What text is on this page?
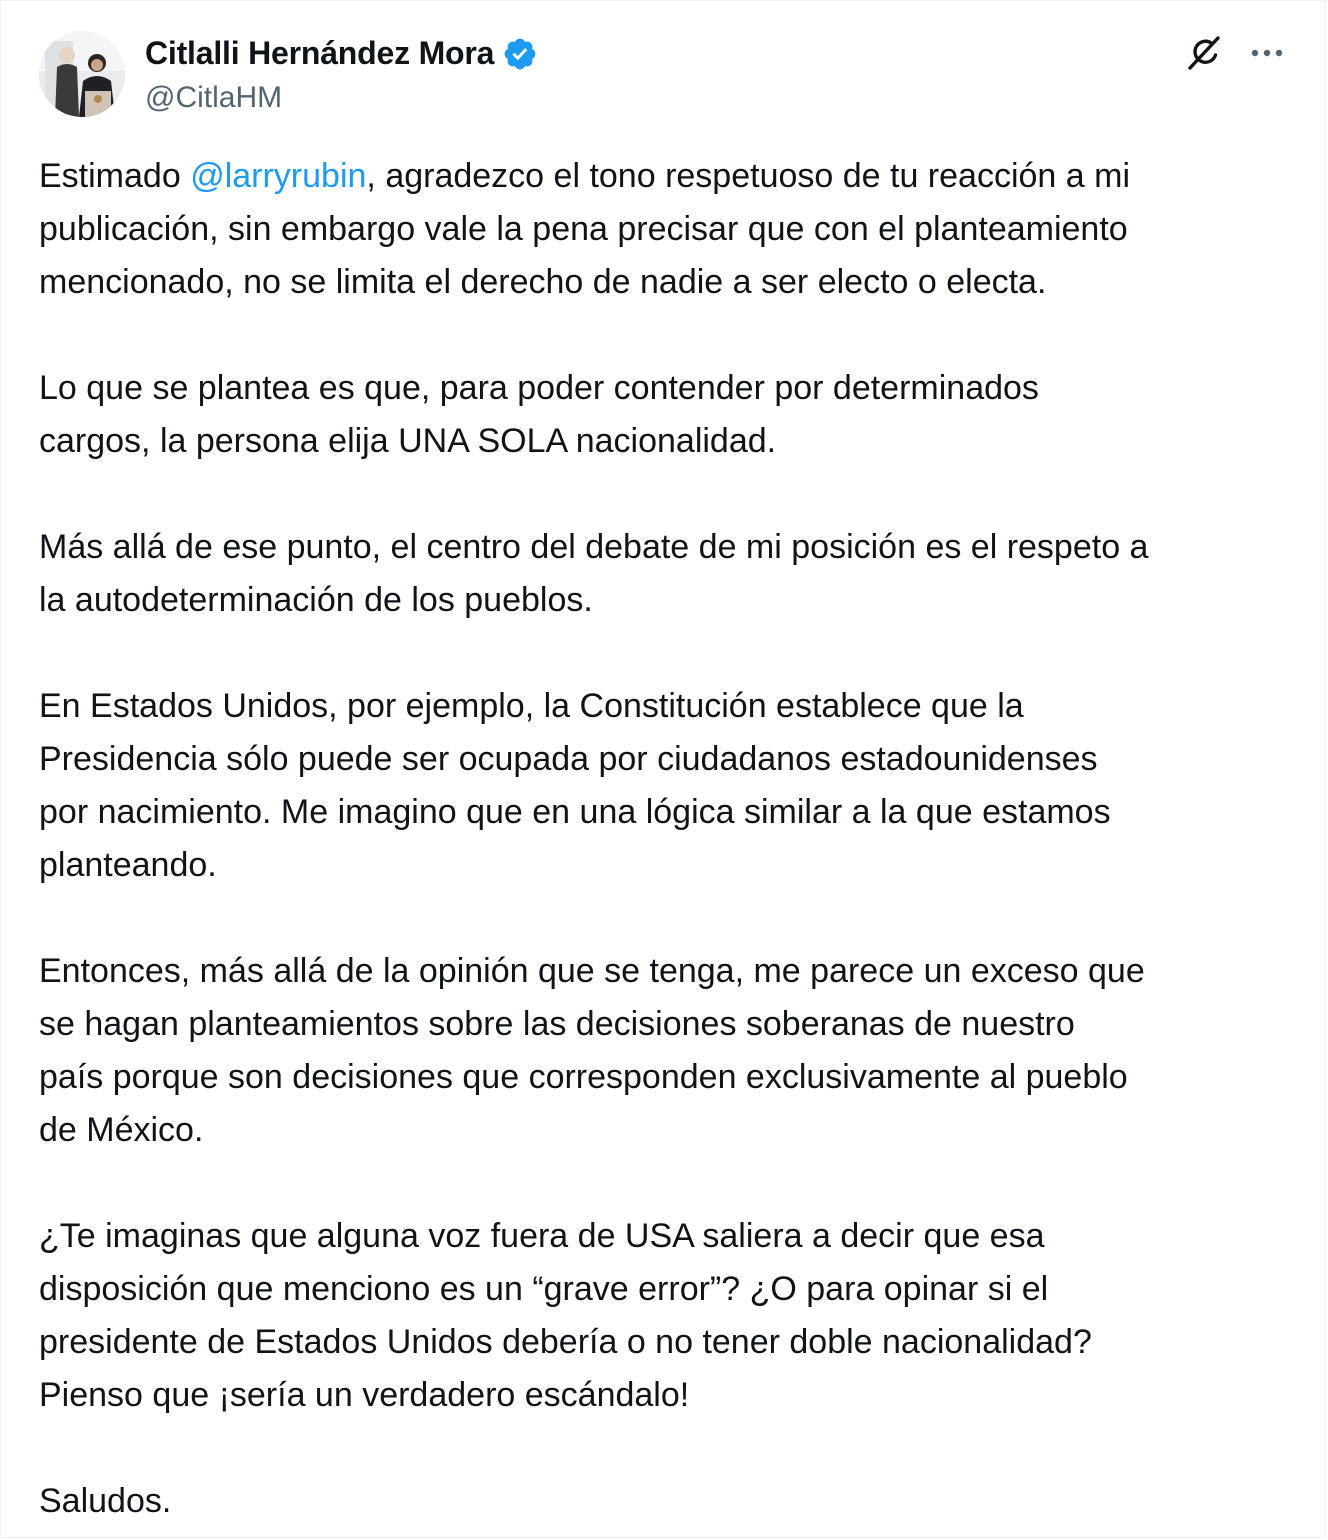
Citlalli Hernández Mora
@CitlaHM

Estimado @larryrubin, agradezco el tono respetuoso de tu reacción a mi
publicación, sin embargo vale la pena precisar que con el planteamiento
mencionado, no se limita el derecho de nadie a ser electo o electa.

Lo que se plantea es que, para poder contender por determinados
cargos, la persona elija UNA SOLA nacionalidad.

Más allá de ese punto, el centro del debate de mi posición es el respeto a
la autodeterminación de los pueblos.

En Estados Unidos, por ejemplo, la Constitución establece que la
Presidencia sólo puede ser ocupada por ciudadanos estadounidenses
por nacimiento. Me imagino que en una lógica similar a la que estamos
planteando.

Entonces, más allá de la opinión que se tenga, me parece un exceso que
se hagan planteamientos sobre las decisiones soberanas de nuestro
país porque son decisiones que corresponden exclusivamente al pueblo
de México.

¿Te imaginas que alguna voz fuera de USA saliera a decir que esa
disposición que menciono es un “grave error”? ¿O para opinar si el
presidente de Estados Unidos debería o no tener doble nacionalidad?
Pienso que ¡sería un verdadero escándalo!

Saludos.
